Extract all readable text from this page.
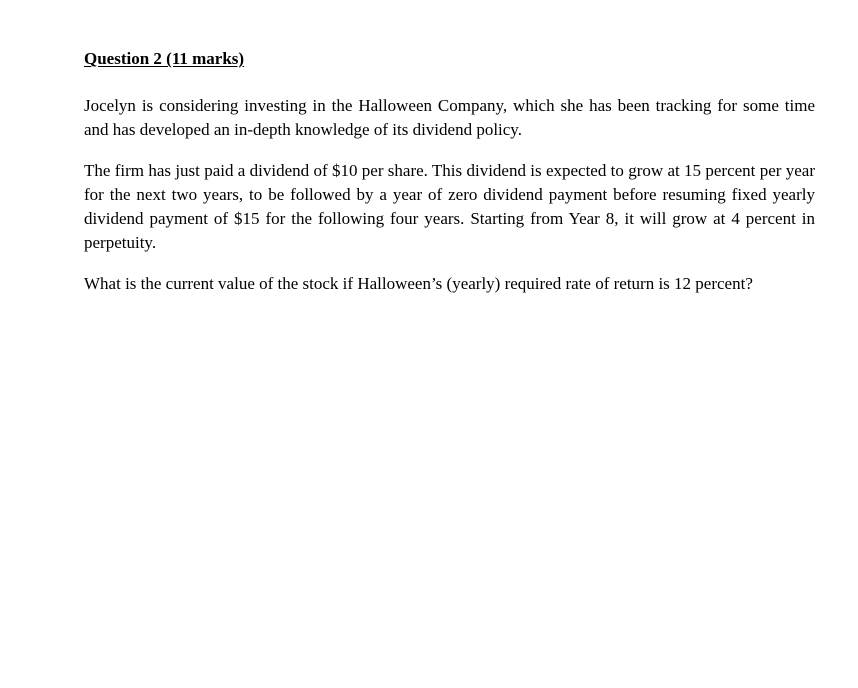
Question 2 (11 marks)

Jocelyn is considering investing in the Halloween Company, which she has been tracking for some time and has developed an in-depth knowledge of its dividend policy.

The firm has just paid a dividend of $10 per share. This dividend is expected to grow at 15 percent per year for the next two years, to be followed by a year of zero dividend payment before resuming fixed yearly dividend payment of $15 for the following four years. Starting from Year 8, it will grow at 4 percent in perpetuity.

What is the current value of the stock if Halloween’s (yearly) required rate of return is 12 percent?
